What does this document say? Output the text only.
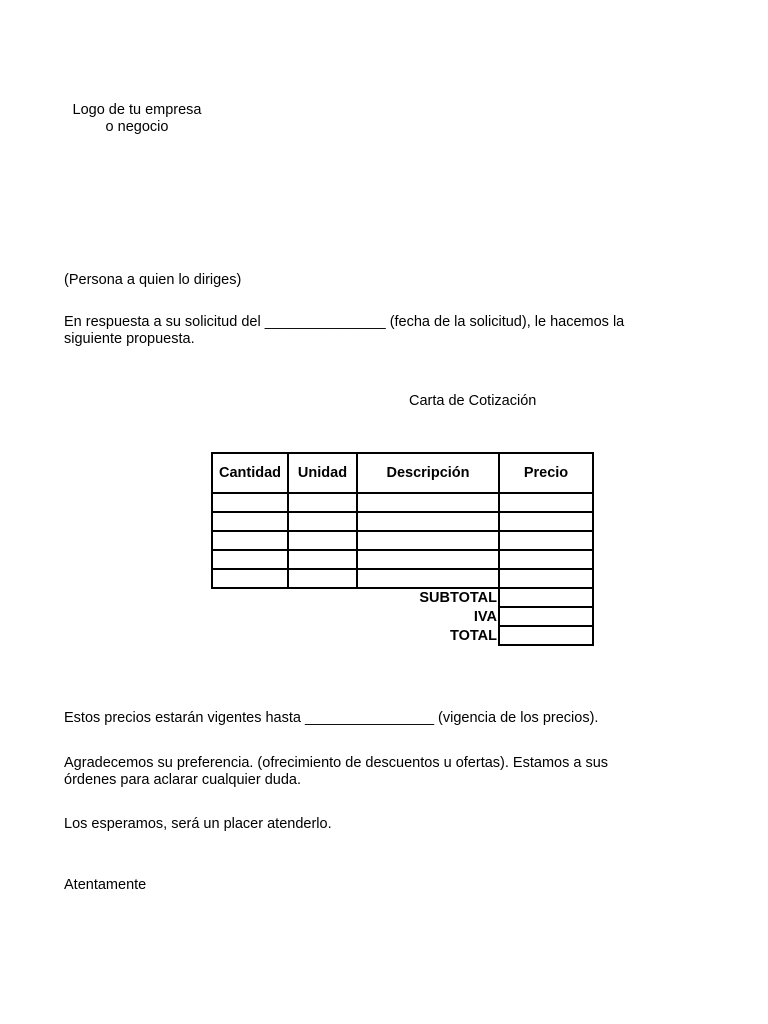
Logo de tu empresa
o negocio
(Persona a quien lo diriges)
En respuesta a su solicitud del _______________ (fecha de la solicitud), le hacemos la
siguiente propuesta.
Carta de Cotización
Cantidad	Unidad	Descripción	Precio

SUBTOTAL			
IVA			
TOTAL			
Estos precios estarán vigentes hasta ________________ (vigencia de los precios).
Agradecemos su preferencia. (ofrecimiento de descuentos u ofertas). Estamos a sus
órdenes para aclarar cualquier duda.
Los esperamos, será un placer atenderlo.
Atentamente
